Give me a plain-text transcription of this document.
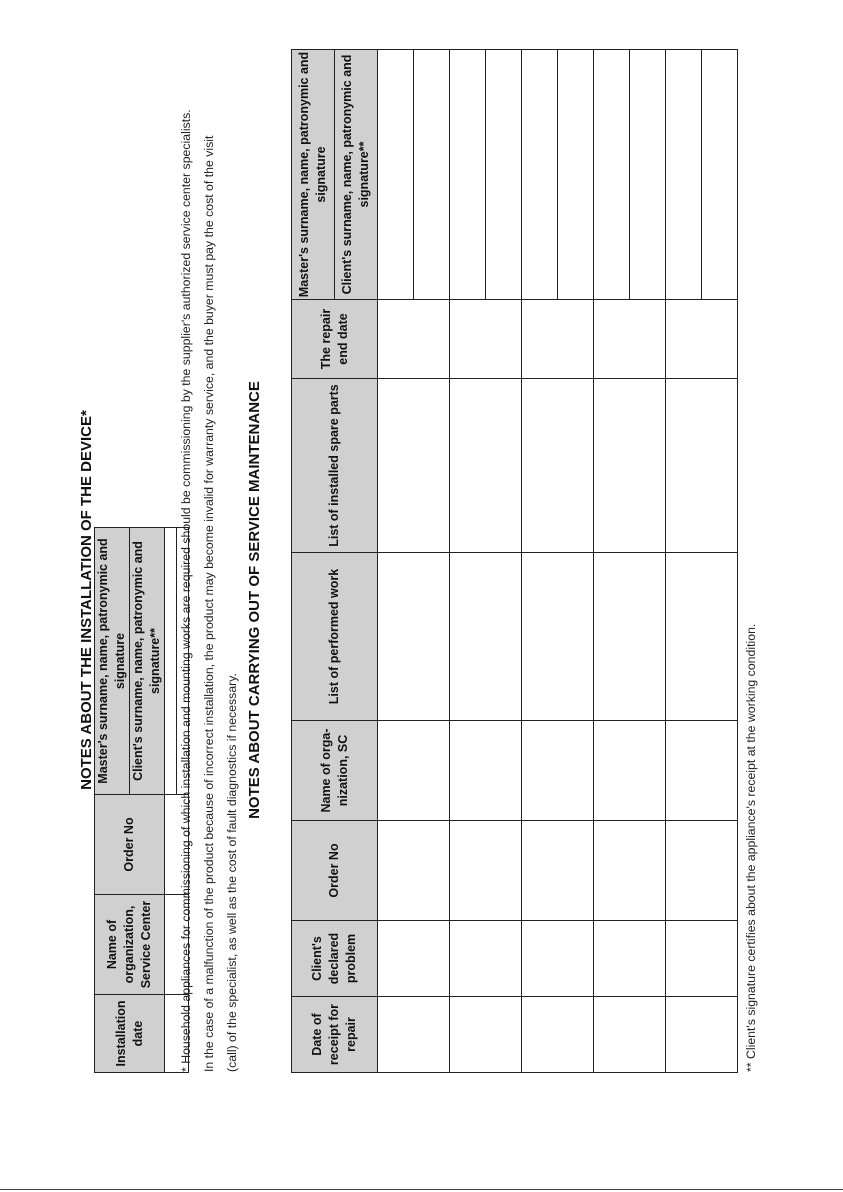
NOTES ABOUT THE INSTALLATION OF THE DEVICE*
Installation date	Name of organization, Service Center	Order No	Master's surname, name, patronymic and signature
			Client's surname, name, patronymic and signature**
			* Household appliances for commissioning of which installation and mounting works are required should be commissioning by the supplier's authorized service center specialists. In the case of a malfunction of the product because of incorrect installation, the product may become invalid for warranty service, and the buyer must pay the cost of the visit (call) of the specialist, as well as the cost of fault diagnostics if necessary.
NOTES ABOUT CARRYING OUT OF SERVICE MAINTENANCE
Date of receipt for repair	Client's declared problem	Order No	Name of orga-nization, SC	List of performed work	List of installed spare parts	The repair end date	Master's surname, name, patronymic and signature
							Client's surname, name, patronymic and signature**

** Client's signature certifies about the appliance's receipt at the working condition.
